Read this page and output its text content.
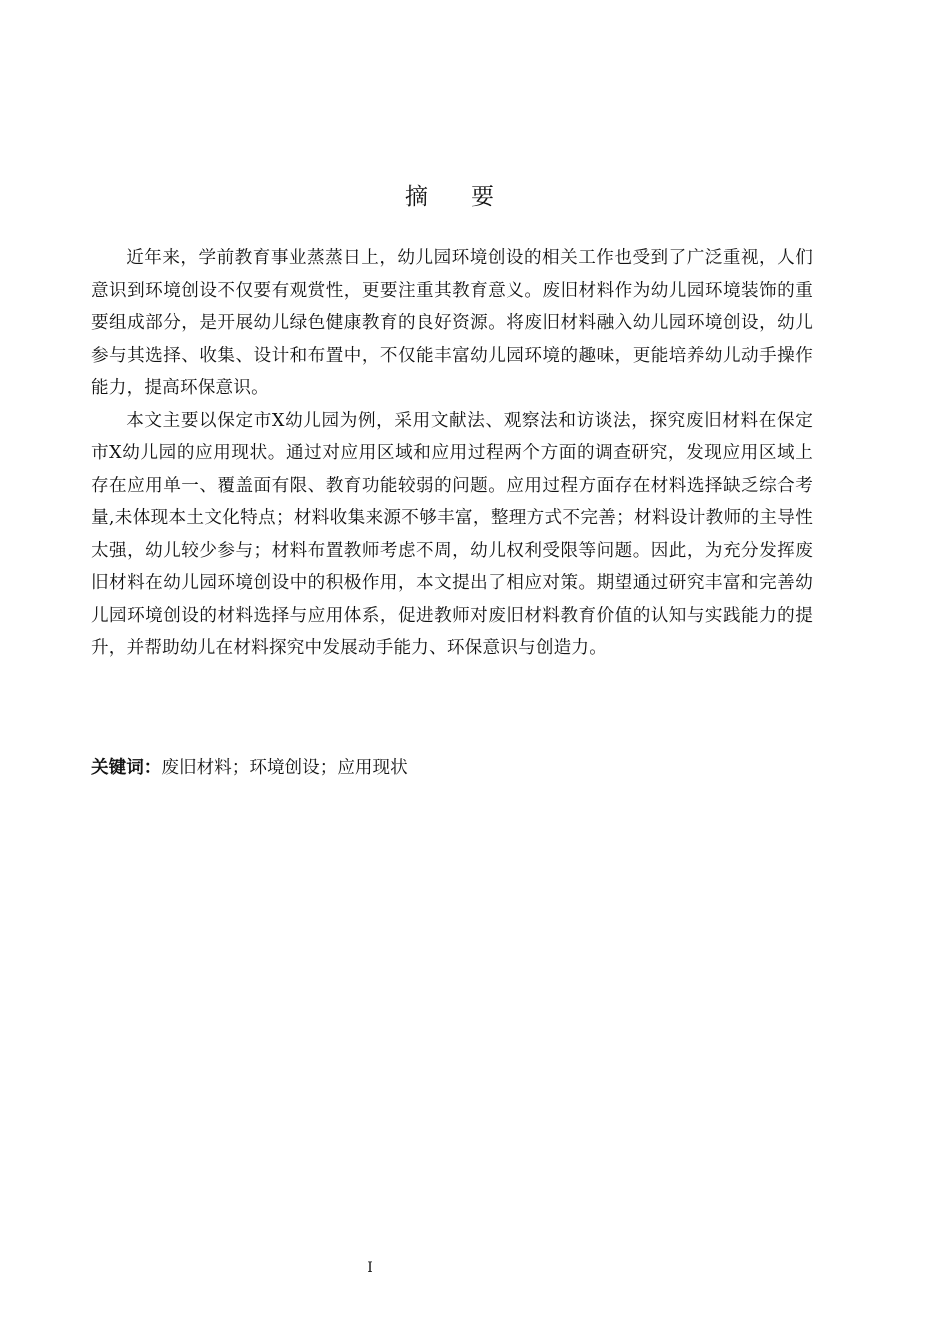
摘 要

近年来，学前教育事业蒸蒸日上，幼儿园环境创设的相关工作也受到了广泛重视，人们意识到环境创设不仅要有观赏性，更要注重其教育意义。废旧材料作为幼儿园环境装饰的重要组成部分，是开展幼儿绿色健康教育的良好资源。将废旧材料融入幼儿园环境创设，幼儿参与其选择、收集、设计和布置中，不仅能丰富幼儿园环境的趣味，更能培养幼儿动手操作能力，提高环保意识。

本文主要以保定市X幼儿园为例，采用文献法、观察法和访谈法，探究废旧材料在保定市X幼儿园的应用现状。通过对应用区域和应用过程两个方面的调查研究，发现应用区域上存在应用单一、覆盖面有限、教育功能较弱的问题。应用过程方面存在材料选择缺乏综合考量,未体现本土文化特点；材料收集来源不够丰富，整理方式不完善；材料设计教师的主导性太强，幼儿较少参与；材料布置教师考虑不周，幼儿权利受限等问题。因此，为充分发挥废旧材料在幼儿园环境创设中的积极作用，本文提出了相应对策。期望通过研究丰富和完善幼儿园环境创设的材料选择与应用体系，促进教师对废旧材料教育价值的认知与实践能力的提升，并帮助幼儿在材料探究中发展动手能力、环保意识与创造力。

关键词：废旧材料；环境创设；应用现状
I
